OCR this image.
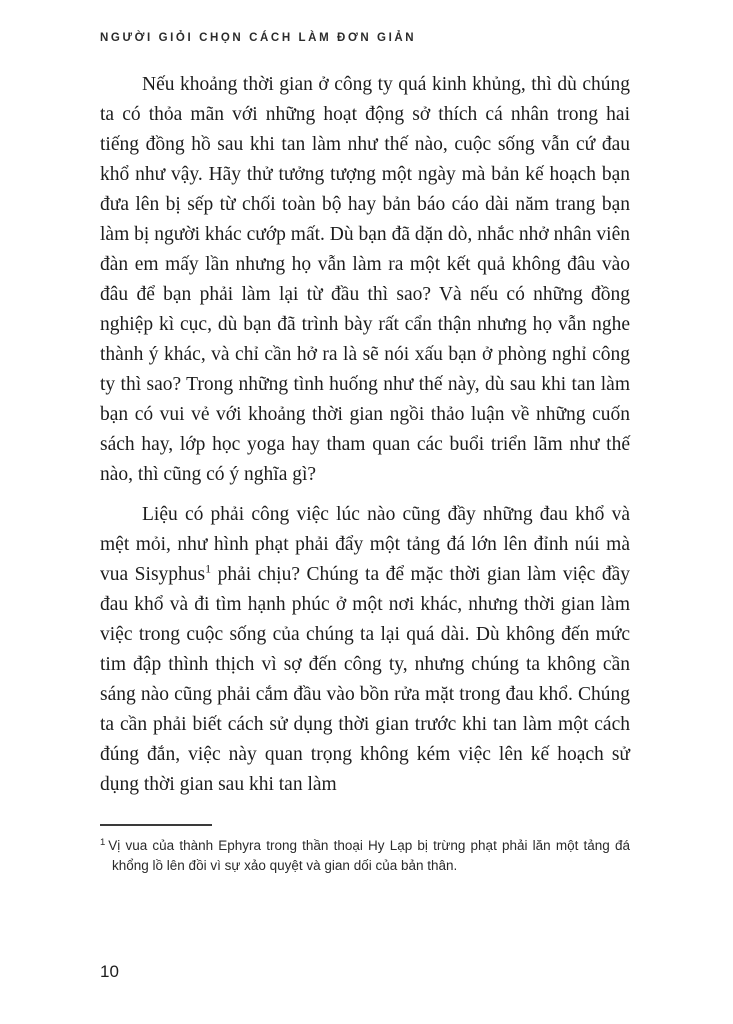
NGƯỜI GIỎI CHỌN CÁCH LÀM ĐƠN GIẢN

Nếu khoảng thời gian ở công ty quá kinh khủng, thì dù chúng ta có thỏa mãn với những hoạt động sở thích cá nhân trong hai tiếng đồng hồ sau khi tan làm như thế nào, cuộc sống vẫn cứ đau khổ như vậy. Hãy thử tưởng tượng một ngày mà bản kế hoạch bạn đưa lên bị sếp từ chối toàn bộ hay bản báo cáo dài năm trang bạn làm bị người khác cướp mất. Dù bạn đã dặn dò, nhắc nhở nhân viên đàn em mấy lần nhưng họ vẫn làm ra một kết quả không đâu vào đâu để bạn phải làm lại từ đầu thì sao? Và nếu có những đồng nghiệp kì cục, dù bạn đã trình bày rất cẩn thận nhưng họ vẫn nghe thành ý khác, và chỉ cần hở ra là sẽ nói xấu bạn ở phòng nghỉ công ty thì sao? Trong những tình huống như thế này, dù sau khi tan làm bạn có vui vẻ với khoảng thời gian ngồi thảo luận về những cuốn sách hay, lớp học yoga hay tham quan các buổi triển lãm như thế nào, thì cũng có ý nghĩa gì?

Liệu có phải công việc lúc nào cũng đầy những đau khổ và mệt mỏi, như hình phạt phải đẩy một tảng đá lớn lên đỉnh núi mà vua Sisyphus$^1$ phải chịu? Chúng ta để mặc thời gian làm việc đầy đau khổ và đi tìm hạnh phúc ở một nơi khác, nhưng thời gian làm việc trong cuộc sống của chúng ta lại quá dài. Dù không đến mức tim đập thình thịch vì sợ đến công ty, nhưng chúng ta không cần sáng nào cũng phải cắm đầu vào bồn rửa mặt trong đau khổ. Chúng ta cần phải biết cách sử dụng thời gian trước khi tan làm một cách đúng đắn, việc này quan trọng không kém việc lên kế hoạch sử dụng thời gian sau khi tan làm

$^1$ Vị vua của thành Ephyra trong thần thoại Hy Lạp bị trừng phạt phải lăn một tảng đá khổng lồ lên đồi vì sự xảo quyệt và gian dối của bản thân.
10
